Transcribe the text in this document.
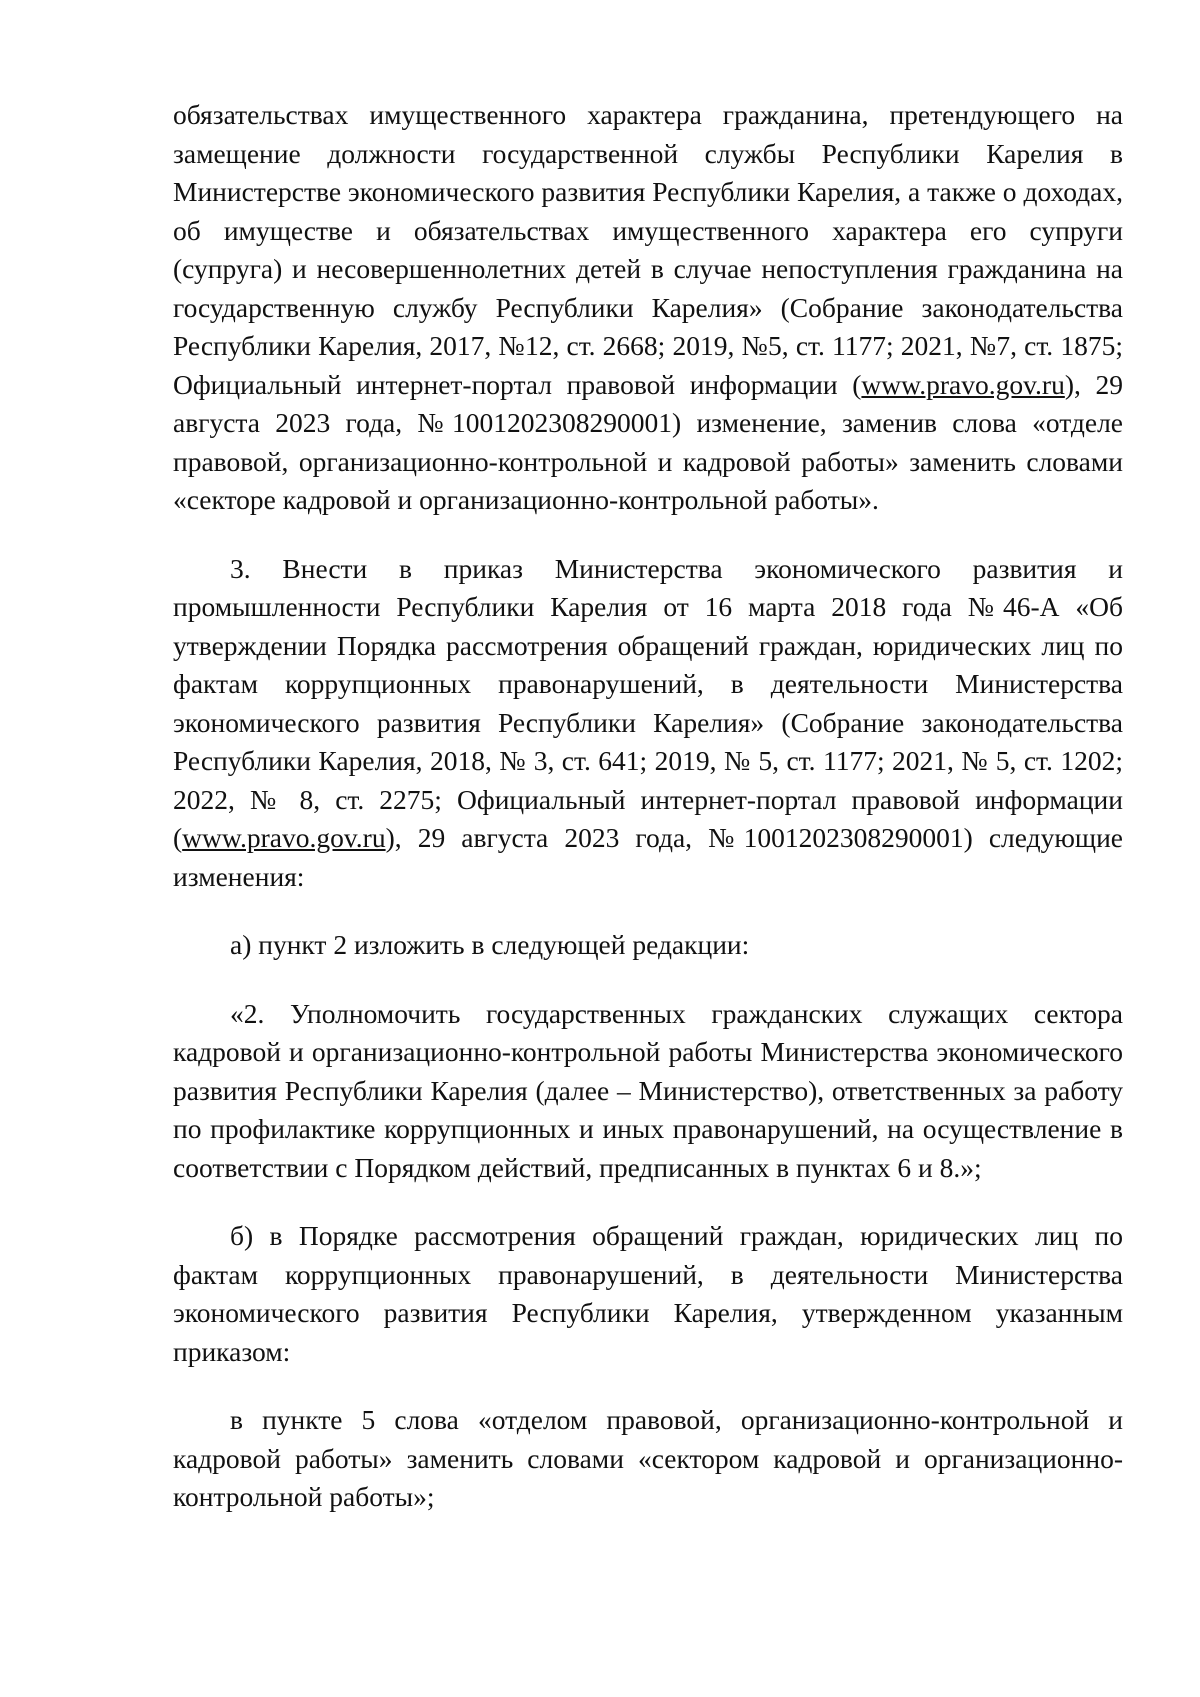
обязательствах имущественного характера гражданина, претендующего на замещение должности государственной службы Республики Карелия в Министерстве экономического развития Республики Карелия, а также о доходах, об имуществе и обязательствах имущественного характера его супруги (супруга) и несовершеннолетних детей в случае непоступления гражданина на государственную службу Республики Карелия» (Собрание законодательства Республики Карелия, 2017, №12, ст. 2668; 2019, №5, ст. 1177; 2021, №7, ст. 1875; Официальный интернет-портал правовой информации (www.pravo.gov.ru), 29 августа 2023 года, №1001202308290001) изменение, заменив слова «отделе правовой, организационно-контрольной и кадровой работы» заменить словами «секторе кадровой и организационно-контрольной работы».

3. Внести в приказ Министерства экономического развития и промышленности Республики Карелия от 16 марта 2018 года №46-А «Об утверждении Порядка рассмотрения обращений граждан, юридических лиц по фактам коррупционных правонарушений, в деятельности Министерства экономического развития Республики Карелия» (Собрание законодательства Республики Карелия, 2018, № 3, ст. 641; 2019, № 5, ст. 1177; 2021, № 5, ст. 1202; 2022, № 8, ст. 2275; Официальный интернет-портал правовой информации (www.pravo.gov.ru), 29 августа 2023 года, №1001202308290001) следующие изменения:

а) пункт 2 изложить в следующей редакции:

«2. Уполномочить государственных гражданских служащих сектора кадровой и организационно-контрольной работы Министерства экономического развития Республики Карелия (далее – Министерство), ответственных за работу по профилактике коррупционных и иных правонарушений, на осуществление в соответствии с Порядком действий, предписанных в пунктах 6 и 8.»;

б) в Порядке рассмотрения обращений граждан, юридических лиц по фактам коррупционных правонарушений, в деятельности Министерства экономического развития Республики Карелия, утвержденном указанным приказом:

в пункте 5 слова «отделом правовой, организационно-контрольной и кадровой работы» заменить словами «сектором кадровой и организационно-контрольной работы»;
